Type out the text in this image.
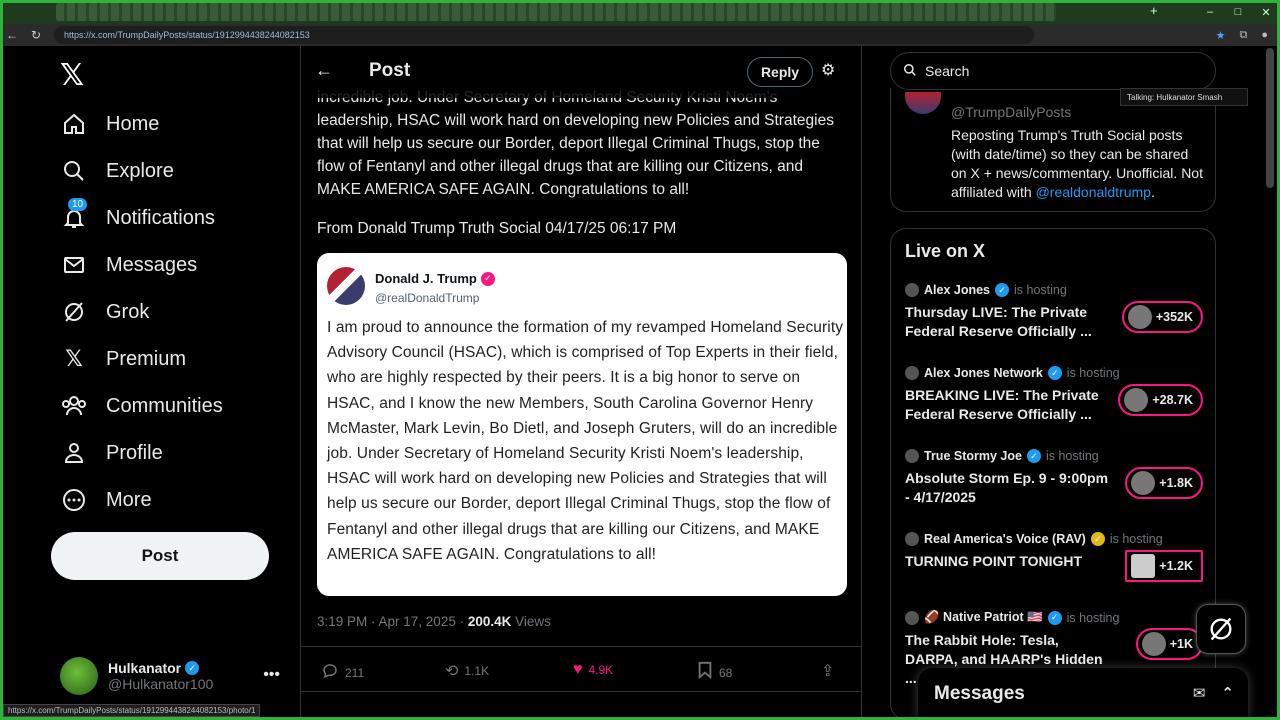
+	–	□	✕
←	↻	https://x.com/TrumpDailyPosts/status/1912994438244082153	★ ⧉ ●
𝕏
Home
Explore
10
Notifications
Messages
Grok
𝕏 Premium
Communities
Profile
More
Post
Hulkanator ✓
@Hulkanator100
•••
https://x.com/TrumpDailyPosts/status/1912994438244082153/photo/1
leadership, HSAC will work hard on developing new Policies and Strategies that will help us secure our Border, deport Illegal Criminal Thugs, stop the flow of Fentanyl and other illegal drugs that are killing our Citizens, and MAKE AMERICA SAFE AGAIN. Congratulations to all!
From Donald Trump Truth Social 04/17/25 06:17 PM
Donald J. Trump ✓
@realDonaldTrump
I am proud to announce the formation of my revamped Homeland Security Advisory Council (HSAC), which is comprised of Top Experts in their field, who are highly respected by their peers. It is a big honor to serve on HSAC, and I know the new Members, South Carolina Governor Henry McMaster, Mark Levin, Bo Dietl, and Joseph Gruters, will do an incredible job. Under Secretary of Homeland Security Kristi Noem's leadership, HSAC will work hard on developing new Policies and Strategies that will help us secure our Border, deport Illegal Criminal Thugs, stop the flow of Fentanyl and other illegal drugs that are killing our Citizens, and MAKE AMERICA SAFE AGAIN. Congratulations to all!
3:19 PM · Apr 17, 2025 · 200.4K Views
211	⟲ 1.1K	♥ 4.9K	68	⇪
← Post	Reply	⚙
@TrumpDailyPosts
Reposting Trump's Truth Social posts (with date/time) so they can be shared on X + news/commentary. Unofficial. Not affiliated with @realdonaldtrump.
Search
Talking: Hulkanator Smash
Live on X
Alex Jones ✓ is hosting
Thursday LIVE: The Private Federal Reserve Officially ...
+352K
Alex Jones Network ✓ is hosting
BREAKING LIVE: The Private Federal Reserve Officially ...
+28.7K
True Stormy Joe ✓ is hosting
Absolute Storm Ep. 9 - 9:00pm - 4/17/2025
+1.8K
Real America's Voice (RAV) ✓ is hosting
TURNING POINT TONIGHT	+1.2K
🏈 Native Patriot 🇺🇸 ✓ is hosting
The Rabbit Hole: Tesla, DARPA, and HAARP's Hidden ...
+1K
Messages	✉ ⌃
